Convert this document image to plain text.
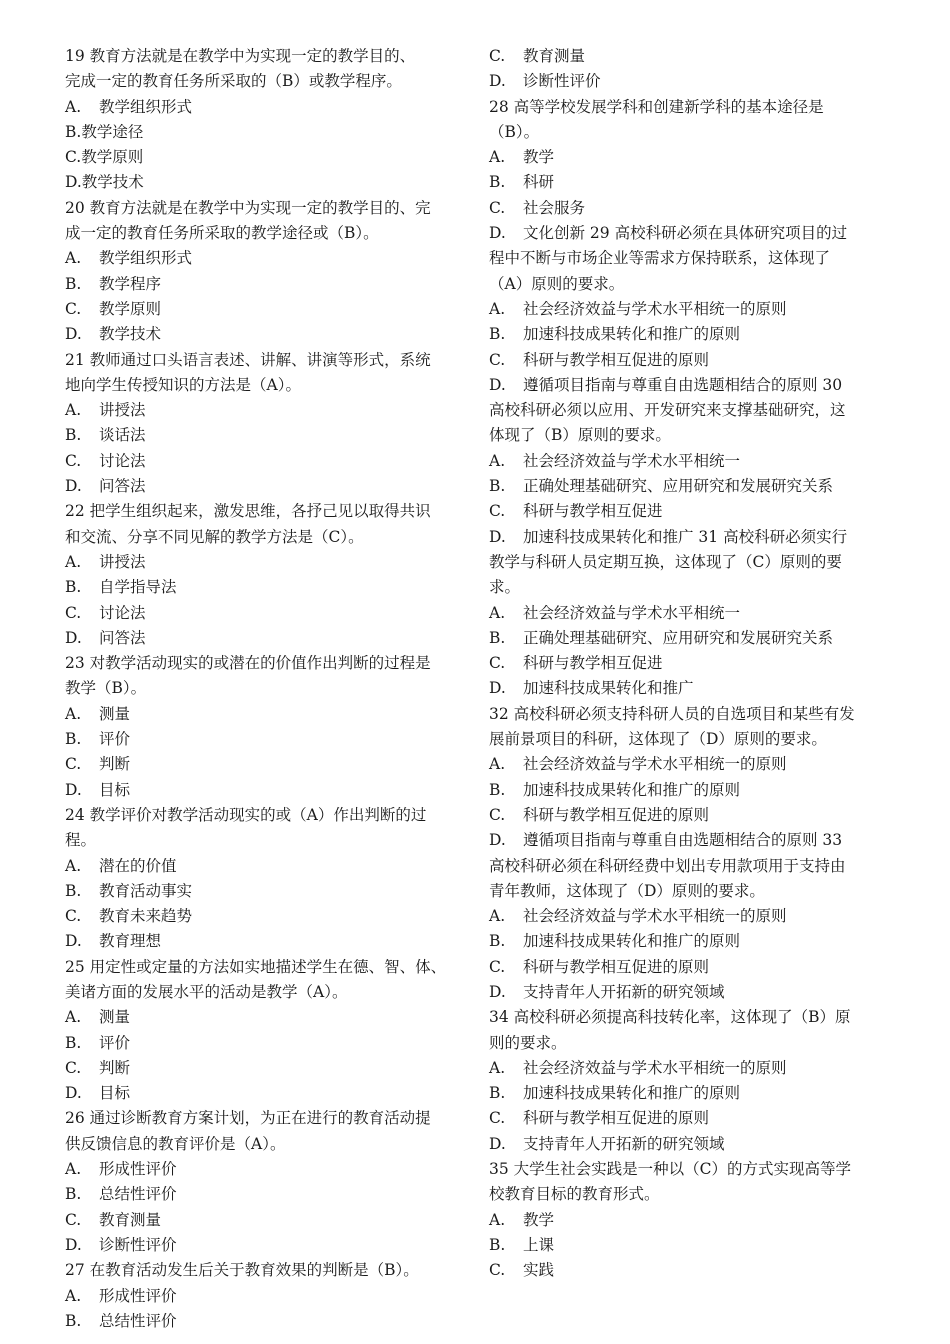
19 教育方法就是在教学中为实现一定的教学目的、
完成一定的教育任务所采取的（B）或教学程序。
A. 教学组织形式
B.教学途径
C.教学原则
D.教学技术
20 教育方法就是在教学中为实现一定的教学目的、完
成一定的教育任务所采取的教学途径或（B）。
A. 教学组织形式
B. 教学程序
C. 教学原则
D. 教学技术
21 教师通过口头语言表述、讲解、讲演等形式，系统
地向学生传授知识的方法是（A）。
A. 讲授法
B. 谈话法
C. 讨论法
D. 问答法
22 把学生组织起来，激发思维，各抒己见以取得共识
和交流、分享不同见解的教学方法是（C）。
A. 讲授法
B. 自学指导法
C. 讨论法
D. 问答法
23 对教学活动现实的或潜在的价值作出判断的过程是
教学（B）。
A. 测量
B. 评价
C. 判断
D. 目标
24 教学评价对教学活动现实的或（A）作出判断的过
程。
A. 潜在的价值
B. 教育活动事实
C. 教育未来趋势
D. 教育理想
25 用定性或定量的方法如实地描述学生在德、智、体、
美诸方面的发展水平的活动是教学（A）。
A. 测量
B. 评价
C. 判断
D. 目标
26 通过诊断教育方案计划，为正在进行的教育活动提
供反馈信息的教育评价是（A）。
A. 形成性评价
B. 总结性评价
C. 教育测量
D. 诊断性评价
27 在教育活动发生后关于教育效果的判断是（B）。
A. 形成性评价
B. 总结性评价
C. 教育测量
D. 诊断性评价
28 高等学校发展学科和创建新学科的基本途径是
（B）。
A. 教学
B. 科研
C. 社会服务
D. 文化创新 29 高校科研必须在具体研究项目的过
程中不断与市场企业等需求方保持联系，这体现了
（A）原则的要求。
A. 社会经济效益与学术水平相统一的原则
B. 加速科技成果转化和推广的原则
C. 科研与教学相互促进的原则
D. 遵循项目指南与尊重自由选题相结合的原则 30
高校科研必须以应用、开发研究来支撑基础研究，这
体现了（B）原则的要求。
A. 社会经济效益与学术水平相统一
B. 正确处理基础研究、应用研究和发展研究关系
C. 科研与教学相互促进
D. 加速科技成果转化和推广 31 高校科研必须实行
教学与科研人员定期互换，这体现了（C）原则的要
求。
A. 社会经济效益与学术水平相统一
B. 正确处理基础研究、应用研究和发展研究关系
C. 科研与教学相互促进
D. 加速科技成果转化和推广
32 高校科研必须支持科研人员的自选项目和某些有发
展前景项目的科研，这体现了（D）原则的要求。
A. 社会经济效益与学术水平相统一的原则
B. 加速科技成果转化和推广的原则
C. 科研与教学相互促进的原则
D. 遵循项目指南与尊重自由选题相结合的原则 33
高校科研必须在科研经费中划出专用款项用于支持由
青年教师，这体现了（D）原则的要求。
A. 社会经济效益与学术水平相统一的原则
B. 加速科技成果转化和推广的原则
C. 科研与教学相互促进的原则
D. 支持青年人开拓新的研究领域
34 高校科研必须提高科技转化率，这体现了（B）原
则的要求。
A. 社会经济效益与学术水平相统一的原则
B. 加速科技成果转化和推广的原则
C. 科研与教学相互促进的原则
D. 支持青年人开拓新的研究领域
35 大学生社会实践是一种以（C）的方式实现高等学
校教育目标的教育形式。
A. 教学
B. 上课
C. 实践
